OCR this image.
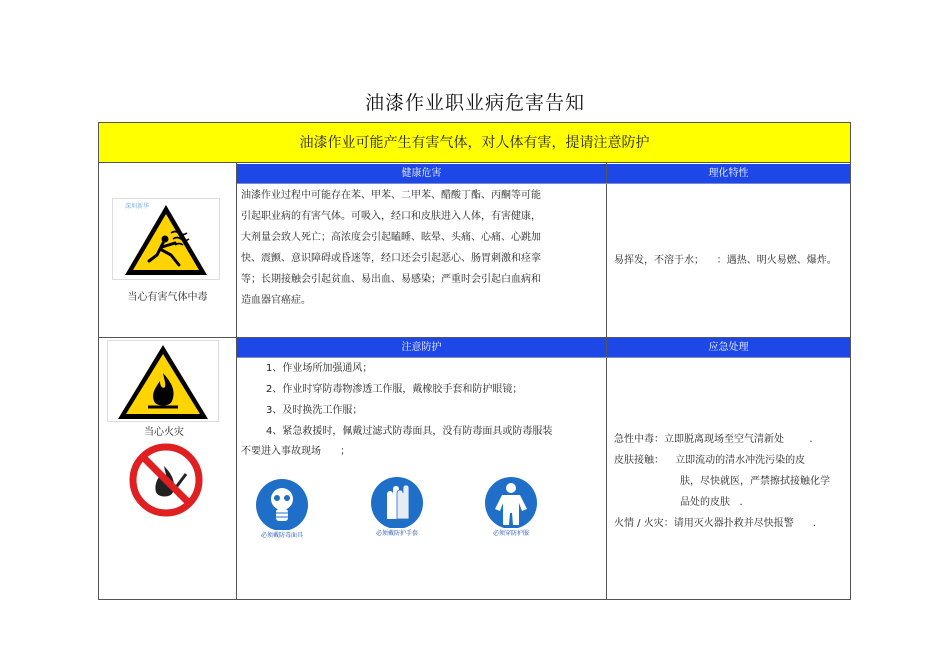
油漆作业职业病危害告知
油漆作业可能产生有害气体，对人体有害，提请注意防护
健康危害	理化特性
深圳新华
当心有害气体中毒
油漆作业过程中可能存在苯、甲苯、二甲苯、醋酸丁酯、丙酮等可能
引起职业病的有害气体。可吸入，经口和皮肤进入人体，有害健康，
大剂量会致人死亡；高浓度会引起瞌睡、眩晕、头痛、心痛、心跳加
快、震颤、意识障碍或昏迷等，经口还会引起恶心、肠胃刺激和痉挛
等；长期接触会引起贫血、易出血、易感染；严重时会引起白血病和
造血器官癌症。
易挥发，不溶于水；    ：遇热、明火易燃、爆炸。
注意防护	应急处理
当心火灾
1、作业场所加强通风；
2、作业时穿防毒物渗透工作服，戴橡胶手套和防护眼镜；
3、及时换洗工作服；
4、紧急救援时，佩戴过滤式防毒面具，没有防毒面具或防毒服装
不要进入事故现场      ；
必须戴防毒面具	必须戴防护手套	必须穿防护服
急性中毒：立即脱离现场至空气清新处        .
皮肤接触： 立即流动的清水冲洗污染的皮
肤，尽快就医，严禁擦拭接触化学
品处的皮肤   .
火情 / 火灾：请用灭火器扑救并尽快报警      .
